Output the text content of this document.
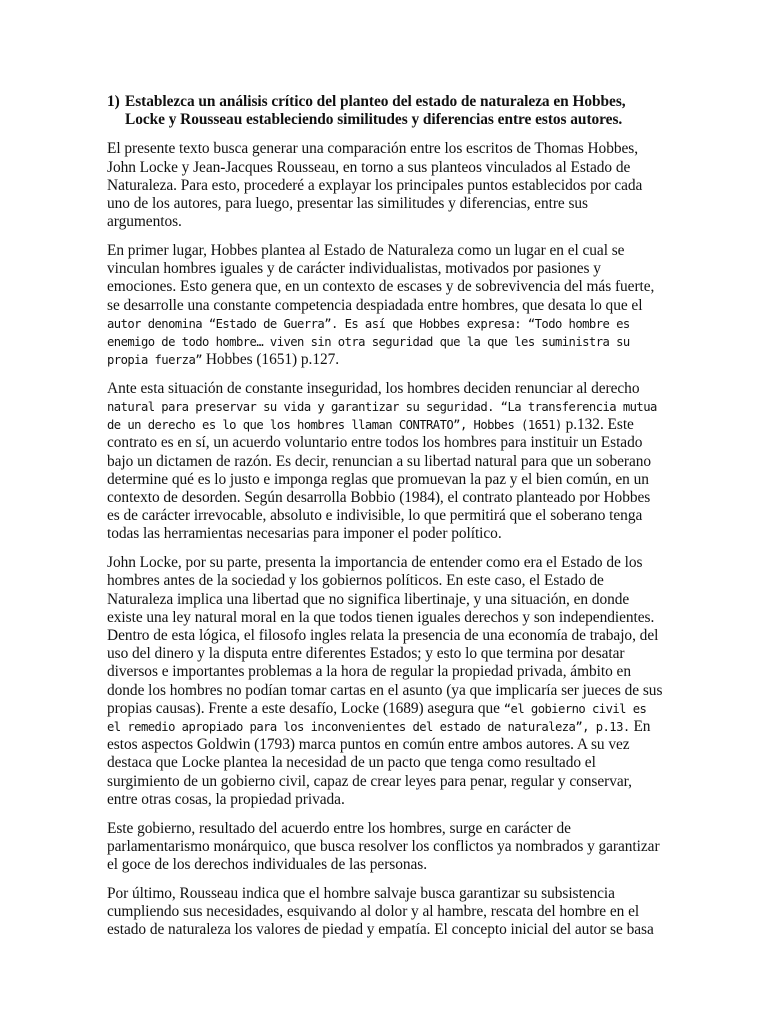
1) Establezca un análisis crítico del planteo del estado de naturaleza en Hobbes, Locke y Rousseau estableciendo similitudes y diferencias entre estos autores.

El presente texto busca generar una comparación entre los escritos de Thomas Hobbes, John Locke y Jean-Jacques Rousseau, en torno a sus planteos vinculados al Estado de Naturaleza. Para esto, procederé a explayar los principales puntos establecidos por cada uno de los autores, para luego, presentar las similitudes y diferencias, entre sus argumentos.

En primer lugar, Hobbes plantea al Estado de Naturaleza como un lugar en el cual se vinculan hombres iguales y de carácter individualistas, motivados por pasiones y emociones. Esto genera que, en un contexto de escases y de sobrevivencia del más fuerte, se desarrolle una constante competencia despiadada entre hombres, que desata lo que el autor denomina “Estado de Guerra”. Es así que Hobbes expresa: “Todo hombre es enemigo de todo hombre… viven sin otra seguridad que la que les suministra su propia fuerza” Hobbes (1651) p.127.

Ante esta situación de constante inseguridad, los hombres deciden renunciar al derecho natural para preservar su vida y garantizar su seguridad. “La transferencia mutua de un derecho es lo que los hombres llaman CONTRATO”, Hobbes (1651) p.132. Este contrato es en sí, un acuerdo voluntario entre todos los hombres para instituir un Estado bajo un dictamen de razón. Es decir, renuncian a su libertad natural para que un soberano determine qué es lo justo e imponga reglas que promuevan la paz y el bien común, en un contexto de desorden. Según desarrolla Bobbio (1984), el contrato planteado por Hobbes es de carácter irrevocable, absoluto e indivisible, lo que permitirá que el soberano tenga todas las herramientas necesarias para imponer el poder político.

John Locke, por su parte, presenta la importancia de entender como era el Estado de los hombres antes de la sociedad y los gobiernos políticos. En este caso, el Estado de Naturaleza implica una libertad que no significa libertinaje, y una situación, en donde existe una ley natural moral en la que todos tienen iguales derechos y son independientes. Dentro de esta lógica, el filosofo ingles relata la presencia de una economía de trabajo, del uso del dinero y la disputa entre diferentes Estados; y esto lo que termina por desatar diversos e importantes problemas a la hora de regular la propiedad privada, ámbito en donde los hombres no podían tomar cartas en el asunto (ya que implicaría ser jueces de sus propias causas). Frente a este desafío, Locke (1689) asegura que “el gobierno civil es el remedio apropiado para los inconvenientes del estado de naturaleza”, p.13. En estos aspectos Goldwin (1793) marca puntos en común entre ambos autores. A su vez destaca que Locke plantea la necesidad de un pacto que tenga como resultado el surgimiento de un gobierno civil, capaz de crear leyes para penar, regular y conservar, entre otras cosas, la propiedad privada.

Este gobierno, resultado del acuerdo entre los hombres, surge en carácter de parlamentarismo monárquico, que busca resolver los conflictos ya nombrados y garantizar el goce de los derechos individuales de las personas.

Por último, Rousseau indica que el hombre salvaje busca garantizar su subsistencia cumpliendo sus necesidades, esquivando al dolor y al hambre, rescata del hombre en el estado de naturaleza los valores de piedad y empatía. El concepto inicial del autor se basa
